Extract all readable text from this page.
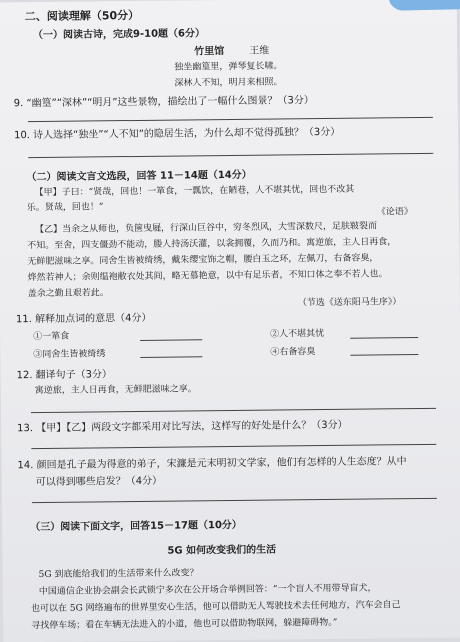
二、阅读理解（50分）
（一）阅读古诗，完成9-10题（6分）
竹里馆 王维
独坐幽篁里，弹琴复长啸。
深林人不知，明月来相照。
9. “幽篁”“深林”“明月”这些景物，描绘出了一幅什么图景？（3分）
10. 诗人选择“独坐”“人不知”的隐居生活，为什么却不觉得孤独？（3分）
（二）阅读文言文选段，回答 11－14题（14分）
【甲】子曰：“贤哉，回也！一箪食，一瓢饮，在陋巷，人不堪其忧，回也不改其
乐。贤哉，回也！”	《论语》
【乙】当余之从师也，负箧曳屣，行深山巨谷中，穷冬烈风，大雪深数尺，足肤皲裂而
不知。至舍，四支僵劲不能动，媵人持汤沃灌，以衾拥覆，久而乃和。寓逆旅，主人日再食，
无鲜肥滋味之享。同舍生皆被绮绣，戴朱缨宝饰之帽，腰白玉之环，左佩刀，右备容臭，
烨然若神人；余则缊袍敝衣处其间，略无慕艳意，以中有足乐者，不知口体之奉不若人也。
盖余之勤且艰若此。
（节选《送东阳马生序》）
11. 解释加点词的意思（4分）
①一箪食	②人不堪其忧
③同舍生皆被绮绣	④右备容臭
12. 翻译句子（3分）
寓逆旅，主人日再食，无鲜肥滋味之享。
13. 【甲】【乙】两段文字都采用对比写法，这样写的好处是什么？（3分）
14. 颜回是孔子最为得意的弟子，宋濂是元末明初文学家，他们有怎样的人生态度？从中
可以得到哪些启发？（4分）
（三）阅读下面文字，回答15－17题（10分）
5G 如何改变我们的生活
5G 到底能给我们的生活带来什么改变？
中国通信企业协会副会长武锁宁多次在公开场合举例回答：“一个盲人不用带导盲犬，
也可以在 5G 网络遍布的世界里安心生活，他可以借助无人驾驶技术去任何地方，汽车会自己
寻找停车场；看在车辆无法进入的小道，他也可以借助物联网，躲避障碍物。”
